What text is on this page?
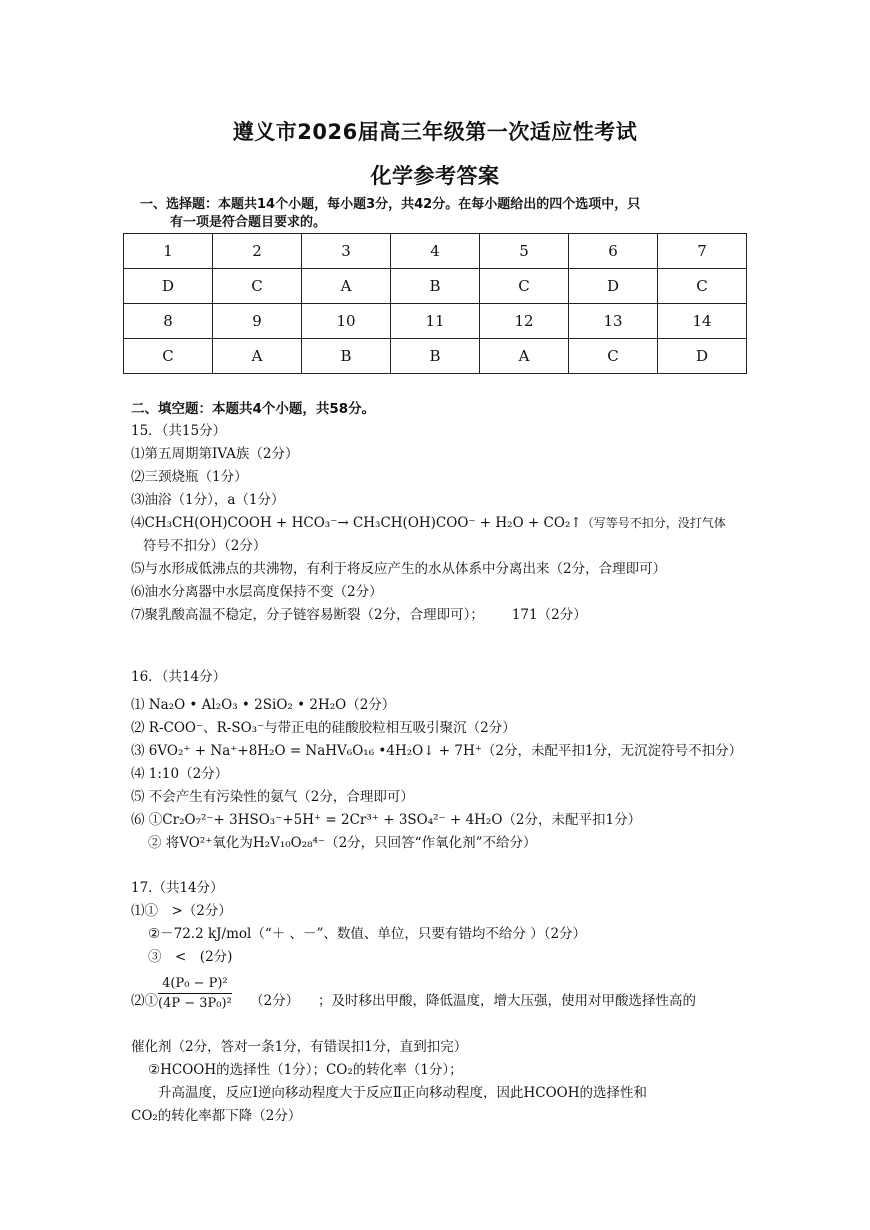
遵义市2026届高三年级第一次适应性考试
化学参考答案
一、选择题：本题共14个小题，每小题3分，共42分。在每小题给出的四个选项中，只
有一项是符合题目要求的。
1	2	3	4	5	6	7
D	C	A	B	C	D	C
8	9	10	11	12	13	14
C	A	B	B	A	C	D
二、填空题：本题共4个小题，共58分。
15．（共15分）
⑴第五周期第IVA族（2分）
⑵三颈烧瓶（1分）
⑶油浴（1分），a（1分）
⑷CH₃CH(OH)COOH + HCO₃⁻→ CH₃CH(OH)COO⁻ + H₂O + CO₂↑（写等号不扣分，没打气体
符号不扣分）（2分）
⑸与水形成低沸点的共沸物，有利于将反应产生的水从体系中分离出来（2分，合理即可）
⑹油水分离器中水层高度保持不变（2分）
⑺聚乳酸高温不稳定，分子链容易断裂（2分，合理即可）； 171（2分）
16．（共14分）
⑴ Na₂O • Al₂O₃ • 2SiO₂ • 2H₂O（2分）
⑵ R-COO⁻、R-SO₃⁻与带正电的硅酸胶粒相互吸引聚沉（2分）
⑶ 6VO₂⁺ + Na⁺+8H₂O = NaHV₆O₁₆ •4H₂O↓ + 7H⁺（2分，未配平扣1分，无沉淀符号不扣分）
⑷ 1:10（2分）
⑸ 不会产生有污染性的氨气（2分，合理即可）
⑹ ①Cr₂O₇²⁻+ 3HSO₃⁻+5H⁺ = 2Cr³⁺ + 3SO₄²⁻ + 4H₂O（2分，未配平扣1分）
② 将VO²⁺氧化为H₂V₁₀O₂₈⁴⁻（2分，只回答“作氧化剂”不给分）
17.（共14分）
⑴①　>（2分）
②－72.2 kJ/mol（“＋ 、－”、数值、单位，只要有错均不给分 ）（2分）
③　<　(2分)
⑵① $\frac{\text{4(P₀ − P)²}}{\text{(4P − 3P₀)²}} (2$分） ；及时移出甲酸，降低温度，增大压强，使用对甲酸选择性高的
催化剂（2分，答对一条1分，有错误扣1分，直到扣完）
②HCOOH的选择性（1分）；CO₂的转化率（1分）；
升高温度，反应Ⅰ逆向移动程度大于反应Ⅱ正向移动程度，因此HCOOH的选择性和
CO₂的转化率都下降（2分）
